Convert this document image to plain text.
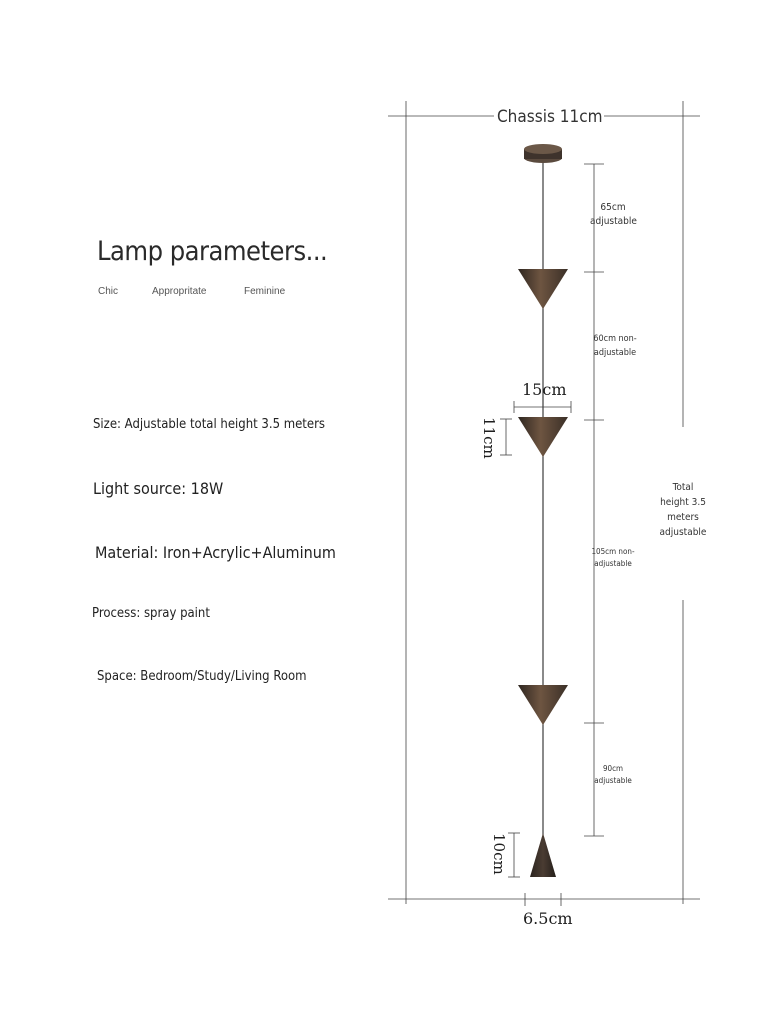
Lamp parameters...
Chic	Appropritate	Feminine
Size: Adjustable total height 3.5 meters
Light source: 18W
Material: Iron+Acrylic+Aluminum
Process: spray paint
Space: Bedroom/Study/Living Room
Chassis 11cm
65cm adjustable
60cm non-adjustable
105cm non-adjustable
90cm adjustable
Total height 3.5 meters adjustable
15cm
11cm
10cm
6.5cm
